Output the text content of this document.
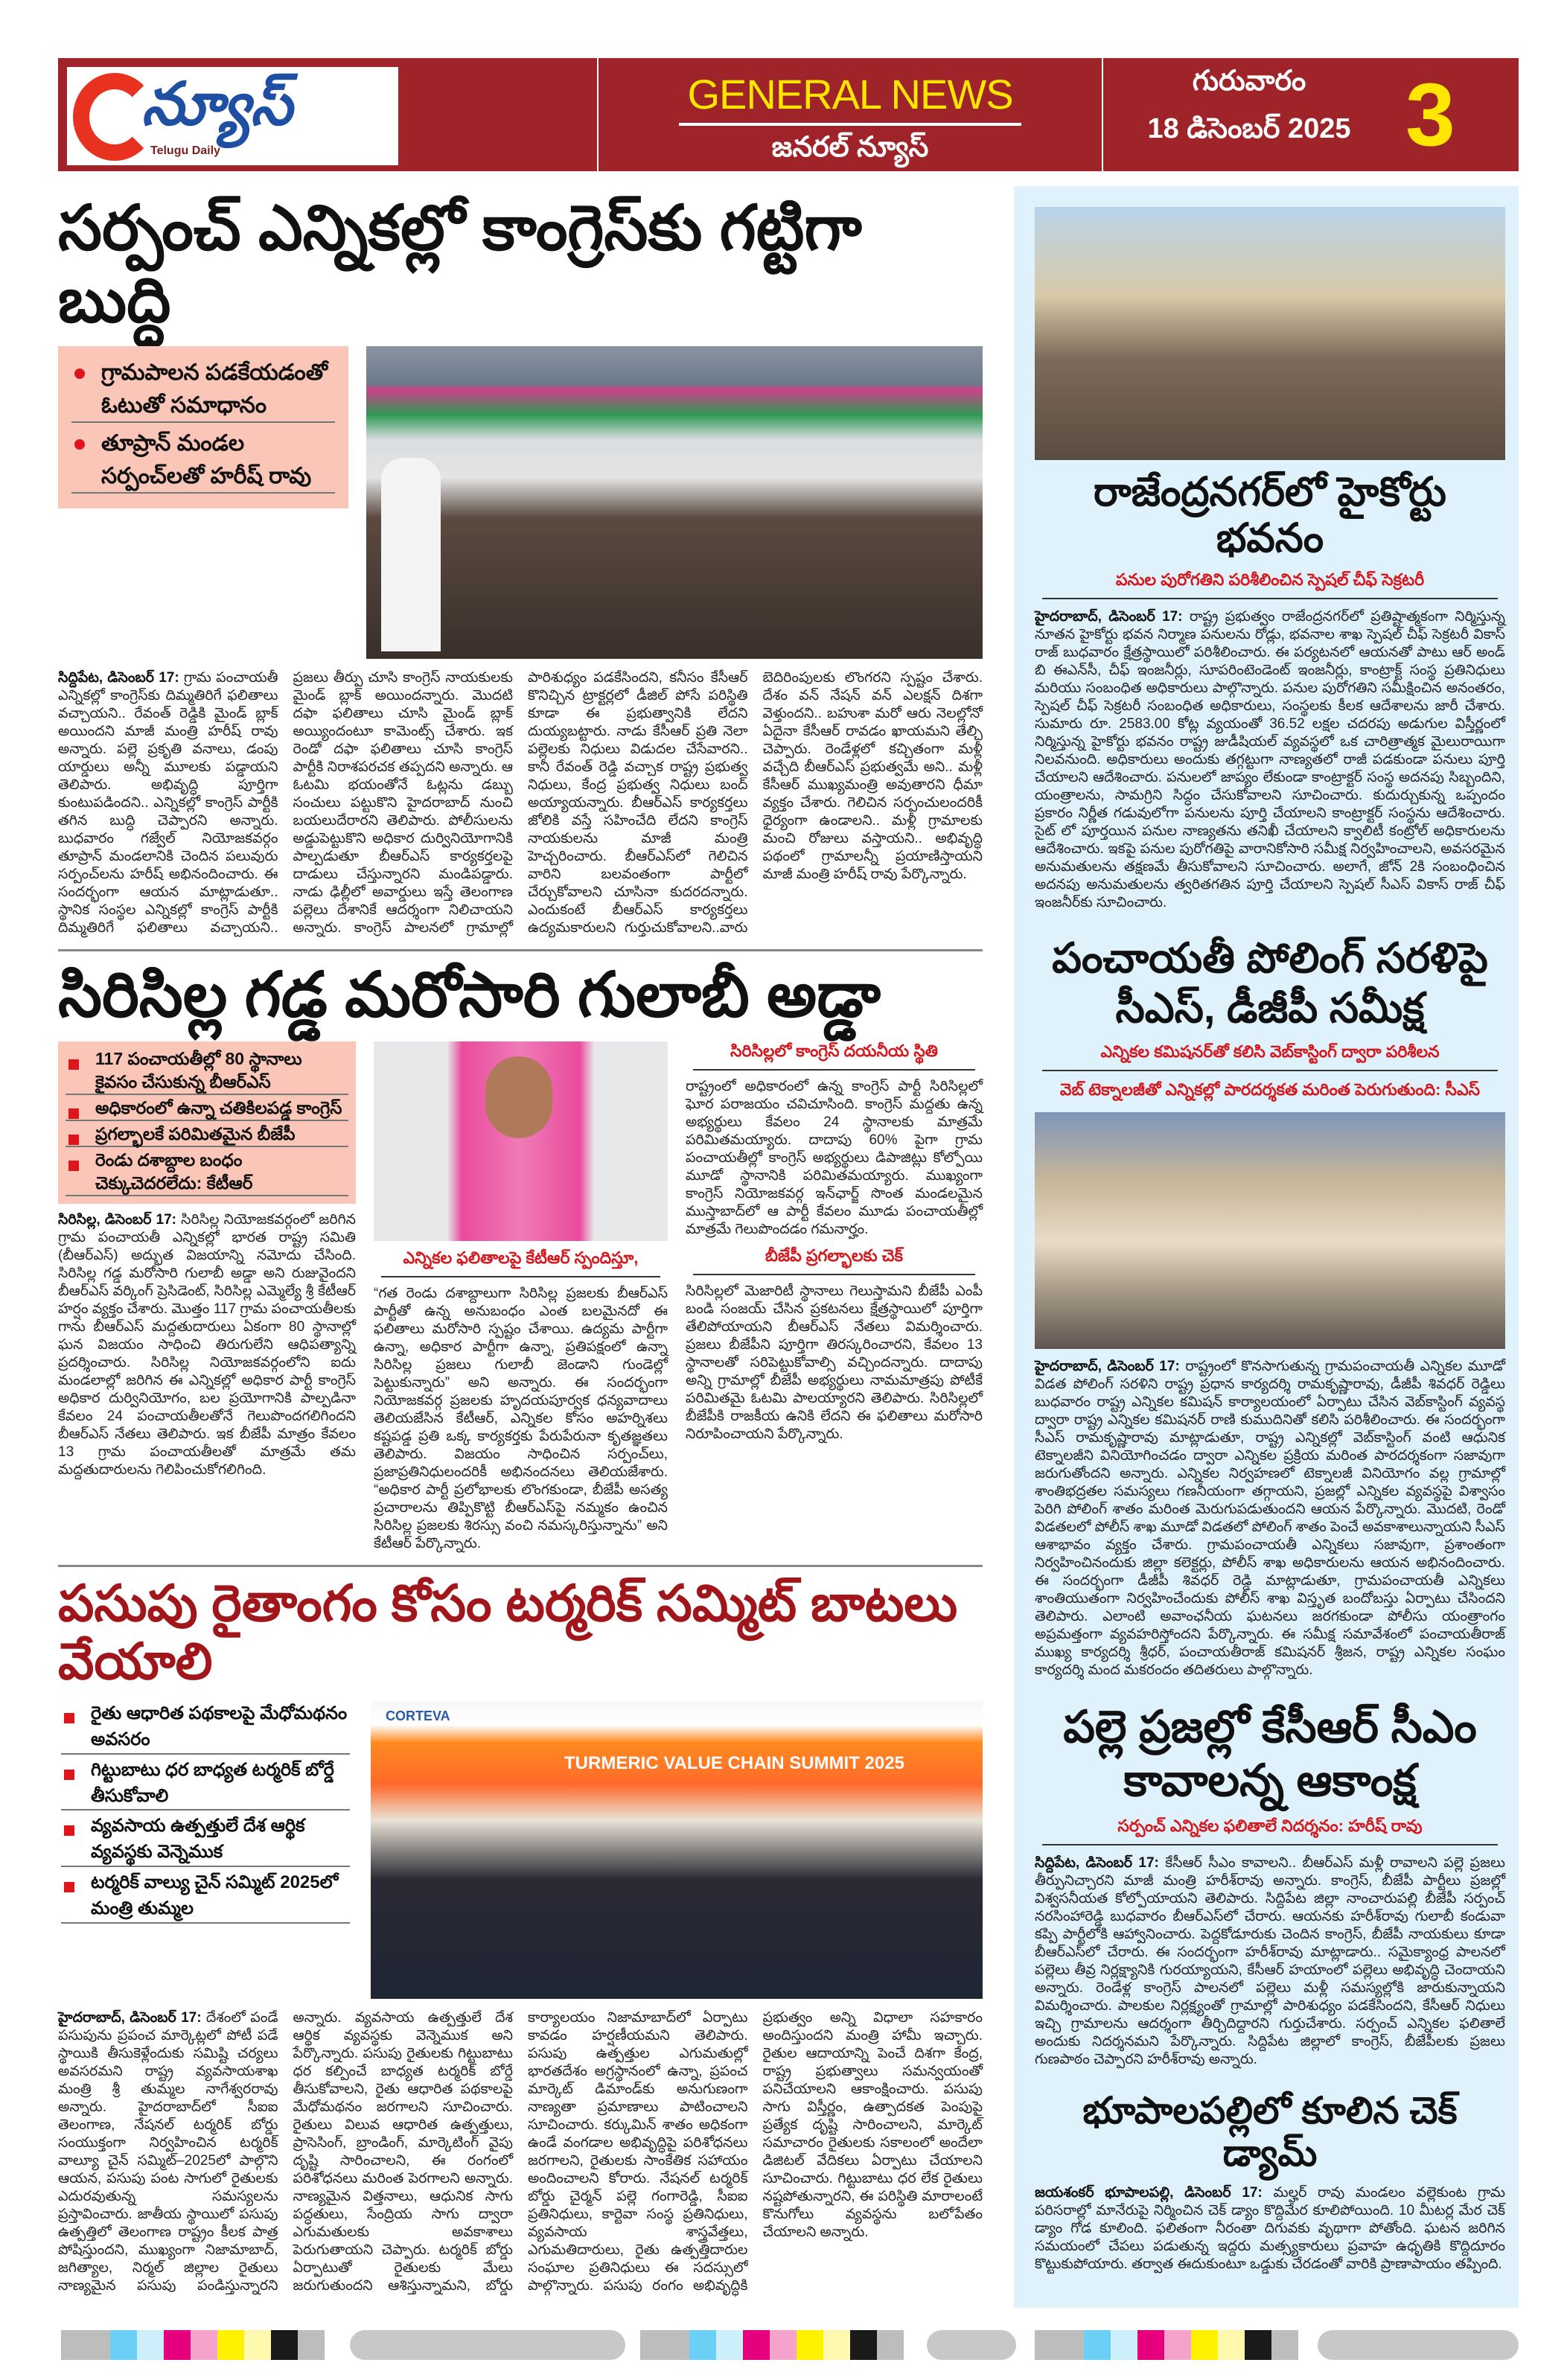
న్యూస్
Telugu Daily
GENERAL NEWS
జనరల్ న్యూస్
గురువారం
18 డిసెంబర్ 2025 3
సర్పంచ్ ఎన్నికల్లో కాంగ్రెస్‌కు గట్టిగా బుద్ధి
గ్రామపాలన పడకేయడంతో ఓటుతో సమాధానం
తూప్రాన్ మండల సర్పంచ్‌లతో హరీష్ రావు
సిద్దిపేట, డిసెంబర్ 17: గ్రామ పంచాయతీ ఎన్నికల్లో కాంగ్రెస్‌కు దిమ్మతిరిగే ఫలితాలు వచ్చాయని.. రేవంత్ రెడ్డికి మైండ్ బ్లాక్ అయిందని మాజీ మంత్రి హరీష్ రావు అన్నారు. పల్లె ప్రకృతి వనాలు, డంపు యార్డులు అన్నీ మూలకు పడ్డాయని తెలిపారు. అభివృద్ధి పూర్తిగా కుంటుపడిందని.. ఎన్నికల్లో కాంగ్రెస్ పార్టీకి తగిన బుద్ధి చెప్పారని అన్నారు. బుధవారం గజ్వేల్ నియోజకవర్గం తూప్రాన్ మండలానికి చెందిన పలువురు సర్పంచ్‌లను హరీష్ అభినందించారు. ఈ సందర్భంగా ఆయన మాట్లాడుతూ.. స్థానిక సంస్థల ఎన్నికల్లో కాంగ్రెస్ పార్టీకి దిమ్మతిరిగే ఫలితాలు వచ్చాయని.. ప్రజలు తీర్పు చూసి కాంగ్రెస్ నాయకులకు మైండ్ బ్లాక్ అయిందన్నారు. మొదటి దఫా ఫలితాలు చూసి మైండ్ బ్లాక్ అయ్యిందంటూ కామెంట్స్ చేశారు. ఇక రెండో దఫా ఫలితాలు చూసి కాంగ్రెస్ పార్టీకి నిరాశపరచక తప్పదని అన్నారు. ఆ ఓటమి భయంతోనే ఓట్లను డబ్బు సంచులు పట్టుకొని హైదరాబాద్ నుంచి బయలుదేరారని తెలిపారు. పోలీసులను అడ్డుపెట్టుకొని అధికార దుర్వినియోగానికి పాల్పడుతూ బీఆర్ఎస్ కార్యకర్తలపై దాడులు చేస్తున్నారని మండిపడ్డారు. నాడు ఢిల్లీలో అవార్డులు ఇస్తే తెలంగాణ పల్లెలు దేశానికే ఆదర్శంగా నిలిచాయని అన్నారు. కాంగ్రెస్ పాలనలో గ్రామాల్లో పారిశుధ్యం పడకేసిందని, కనీసం కేసీఆర్ కొనిచ్చిన ట్రాక్టర్లలో డీజిల్ పోసే పరిస్థితి కూడా ఈ ప్రభుత్వానికి లేదని దుయ్యబట్టారు. నాడు కేసీఆర్ ప్రతి నెలా పల్లెలకు నిధులు విడుదల చేసేవారని.. కానీ రేవంత్ రెడ్డి వచ్చాక రాష్ట్ర ప్రభుత్వ నిధులు, కేంద్ర ప్రభుత్వ నిధులు బంద్ అయ్యాయన్నారు. బీఆర్ఎస్ కార్యకర్తలు జోలికి వస్తే సహించేది లేదని కాంగ్రెస్ నాయకులను మాజీ మంత్రి హెచ్చరించారు. బీఆర్ఎస్‌లో గెలిచిన వారిని బలవంతంగా పార్టీలో చేర్చుకోవాలని చూసినా కుదరదన్నారు. ఎందుకంటే బీఆర్ఎస్ కార్యకర్తలు ఉద్యమకారులని గుర్తుచుకోవాలని..వారు బెదిరింపులకు లొంగరని స్పష్టం చేశారు. దేశం వన్ నేషన్ వన్ ఎలక్షన్ దిశగా వెళ్తుందని.. బహుశా మరో ఆరు నెలల్లోనో ఏదైనా కేసీఆర్ రావడం ఖాయమని తేల్చి చెప్పారు. రెండేళ్లలో కచ్చితంగా మళ్లీ వచ్చేది బీఆర్ఎస్ ప్రభుత్వమే అని.. మళ్లీ కేసీఆర్ ముఖ్యమంత్రి అవుతారని ధీమా వ్యక్తం చేశారు. గెలిచిన సర్పంచులందరికీ ధైర్యంగా ఉండాలని.. మళ్లీ గ్రామాలకు మంచి రోజులు వస్తాయని.. అభివృద్ధి పథంలో గ్రామాలన్నీ ప్రయాణిస్తాయని మాజీ మంత్రి హరీష్ రావు పేర్కొన్నారు.
సిరిసిల్ల గడ్డ మరోసారి గులాబీ అడ్డా
117 పంచాయతీల్లో 80 స్థానాలు కైవసం చేసుకున్న బీఆర్ఎస్
అధికారంలో ఉన్నా చతికిలపడ్డ కాంగ్రెస్
ప్రగల్భాలకే పరిమితమైన బీజేపీ
రెండు దశాబ్దాల బంధం చెక్కుచెదరలేదు: కేటీఆర్
సిరిసిల్ల, డిసెంబర్ 17: సిరిసిల్ల నియోజకవర్గంలో జరిగిన గ్రామ పంచాయతీ ఎన్నికల్లో భారత రాష్ట్ర సమితి (బీఆర్ఎస్) అద్భుత విజయాన్ని నమోదు చేసింది. సిరిసిల్ల గడ్డ మరోసారి గులాబీ అడ్డా అని రుజువైందని బీఆర్ఎస్ వర్కింగ్ ప్రెసిడెంట్, సిరిసిల్ల ఎమ్మెల్యే శ్రీ కేటీఆర్ హర్షం వ్యక్తం చేశారు. మొత్తం 117 గ్రామ పంచాయతీలకు గాను బీఆర్ఎస్ మద్దతుదారులు ఏకంగా 80 స్థానాల్లో ఘన విజయం సాధించి తిరుగులేని ఆధిపత్యాన్ని ప్రదర్శించారు. సిరిసిల్ల నియోజకవర్గంలోని ఐదు మండలాల్లో జరిగిన ఈ ఎన్నికల్లో అధికార పార్టీ కాంగ్రెస్ అధికార దుర్వినియోగం, బల ప్రయోగానికి పాల్పడినా కేవలం 24 పంచాయతీలతోనే గెలుపొందగలిగిందని బీఆర్ఎస్ నేతలు తెలిపారు. ఇక బీజేపీ మాత్రం కేవలం 13 గ్రామ పంచాయతీలతో మాత్రమే తమ మద్దతుదారులను గెలిపించుకోగలిగింది.
ఎన్నికల ఫలితాలపై కేటీఆర్ స్పందిస్తూ,
“గత రెండు దశాబ్దాలుగా సిరిసిల్ల ప్రజలకు బీఆర్ఎస్ పార్టీతో ఉన్న అనుబంధం ఎంత బలమైనదో ఈ ఫలితాలు మరోసారి స్పష్టం చేశాయి. ఉద్యమ పార్టీగా ఉన్నా, అధికార పార్టీగా ఉన్నా, ప్రతిపక్షంలో ఉన్నా సిరిసిల్ల ప్రజలు గులాబీ జెండాని గుండెల్లో పెట్టుకున్నారు” అని అన్నారు. ఈ సందర్భంగా నియోజకవర్గ ప్రజలకు హృదయపూర్వక ధన్యవాదాలు తెలియజేసిన కేటీఆర్, ఎన్నికల కోసం అహర్నిశలు కష్టపడ్డ ప్రతి ఒక్క కార్యకర్తకు పేరుపేరునా కృతజ్ఞతలు తెలిపారు. విజయం సాధించిన సర్పంచ్‌లు, ప్రజాప్రతినిధులందరికీ అభినందనలు తెలియజేశారు. “అధికార పార్టీ ప్రలోభాలకు లొంగకుండా, బీజేపీ అసత్య ప్రచారాలను తిప్పికొట్టి బీఆర్ఎస్‌పై నమ్మకం ఉంచిన సిరిసిల్ల ప్రజలకు శిరస్సు వంచి నమస్కరిస్తున్నాను” అని కేటీఆర్ పేర్కొన్నారు.
సిరిసిల్లలో కాంగ్రెస్ దయనీయ స్థితి
రాష్ట్రంలో అధికారంలో ఉన్న కాంగ్రెస్ పార్టీ సిరిసిల్లలో ఘోర పరాజయం చవిచూసింది. కాంగ్రెస్ మద్దతు ఉన్న అభ్యర్థులు కేవలం 24 స్థానాలకు మాత్రమే పరిమితమయ్యారు. దాదాపు 60% పైగా గ్రామ పంచాయతీల్లో కాంగ్రెస్ అభ్యర్థులు డిపాజిట్లు కోల్పోయి మూడో స్థానానికి పరిమితమయ్యారు. ముఖ్యంగా కాంగ్రెస్ నియోజకవర్గ ఇన్‌ఛార్జ్ సొంత మండలమైన ముస్తాబాద్‌లో ఆ పార్టీ కేవలం మూడు పంచాయతీల్లో మాత్రమే గెలుపొందడం గమనార్హం.
బీజేపీ ప్రగల్భాలకు చెక్
సిరిసిల్లలో మెజారిటీ స్థానాలు గెలుస్తామని బీజేపీ ఎంపీ బండి సంజయ్ చేసిన ప్రకటనలు క్షేత్రస్థాయిలో పూర్తిగా తేలిపోయాయని బీఆర్ఎస్ నేతలు విమర్శించారు. ప్రజలు బీజేపీని పూర్తిగా తిరస్కరించారని, కేవలం 13 స్థానాలతో సరిపెట్టుకోవాల్సి వచ్చిందన్నారు. దాదాపు అన్ని గ్రామాల్లో బీజేపీ అభ్యర్థులు నామమాత్రపు పోటీకే పరిమితమై ఓటమి పాలయ్యారని తెలిపారు. సిరిసిల్లలో బీజేపీకి రాజకీయ ఉనికి లేదని ఈ ఫలితాలు మరోసారి నిరూపించాయని పేర్కొన్నారు.
పసుపు రైతాంగం కోసం టర్మరిక్ సమ్మిట్ బాటలు వేయాలి
రైతు ఆధారిత పథకాలపై మేధోమథనం అవసరం
గిట్టుబాటు ధర బాధ్యత టర్మరిక్ బోర్డే తీసుకోవాలి
వ్యవసాయ ఉత్పత్తులే దేశ ఆర్థిక వ్యవస్థకు వెన్నెముక
టర్మరిక్ వాల్యు చైన్ సమ్మిట్ 2025లో మంత్రి తుమ్మల
CORTEVA
TURMERIC VALUE CHAIN SUMMIT 2025
హైదరాబాద్, డిసెంబర్ 17: దేశంలో పండే పసుపును ప్రపంచ మార్కెట్లలో పోటీ పడే స్థాయికి తీసుకెళ్లేందుకు సమిష్టి చర్యలు అవసరమని రాష్ట్ర వ్యవసాయశాఖ మంత్రి శ్రీ తుమ్మల నాగేశ్వరరావు అన్నారు. హైదరాబాద్‌లో సీఐఐ తెలంగాణ, నేషనల్ టర్మరిక్ బోర్డు సంయుక్తంగా నిర్వహించిన టర్మరిక్ వాల్యూ చైన్ సమ్మిట్–2025లో పాల్గొని ఆయన, పసుపు పంట సాగులో రైతులకు ఎదురవుతున్న సమస్యలను ప్రస్తావించారు. జాతీయ స్థాయిలో పసుపు ఉత్పత్తిలో తెలంగాణ రాష్ట్రం కీలక పాత్ర పోషిస్తుందని, ముఖ్యంగా నిజామాబాద్, జగిత్యాల, నిర్మల్ జిల్లాల రైతులు నాణ్యమైన పసుపు పండిస్తున్నారని అన్నారు. వ్యవసాయ ఉత్పత్తులే దేశ ఆర్థిక వ్యవస్థకు వెన్నెముక అని పేర్కొన్నారు. పసుపు రైతులకు గిట్టుబాటు ధర కల్పించే బాధ్యత టర్మరిక్ బోర్డే తీసుకోవాలని, రైతు ఆధారిత పథకాలపై మేధోమథనం జరగాలని సూచించారు. రైతులు విలువ ఆధారిత ఉత్పత్తులు, ప్రాసెసింగ్, బ్రాండింగ్, మార్కెటింగ్ వైపు దృష్టి సారించాలని, ఈ రంగంలో పరిశోధనలు మరింత పెరగాలని అన్నారు. నాణ్యమైన విత్తనాలు, ఆధునిక సాగు పద్ధతులు, సేంద్రియ సాగు ద్వారా ఎగుమతులకు అవకాశాలు పెరుగుతాయని చెప్పారు. టర్మరిక్ బోర్డు ఏర్పాటుతో రైతులకు మేలు జరుగుతుందని ఆశిస్తున్నామని, బోర్డు కార్యాలయం నిజామాబాద్‌లో ఏర్పాటు కావడం హర్షణీయమని తెలిపారు. పసుపు ఉత్పత్తుల ఎగుమతుల్లో భారతదేశం అగ్రస్థానంలో ఉన్నా, ప్రపంచ మార్కెట్ డిమాండ్‌కు అనుగుణంగా నాణ్యతా ప్రమాణాలు పాటించాలని సూచించారు. కర్కుమిన్ శాతం అధికంగా ఉండే వంగడాల అభివృద్ధిపై పరిశోధనలు జరగాలని, రైతులకు సాంకేతిక సహాయం అందించాలని కోరారు. నేషనల్ టర్మరిక్ బోర్డు చైర్మన్ పల్లె గంగారెడ్డి, సీఐఐ ప్రతినిధులు, కార్టెవా సంస్థ ప్రతినిధులు, వ్యవసాయ శాస్త్రవేత్తలు, ఎగుమతిదారులు, రైతు ఉత్పత్తిదారుల సంఘాల ప్రతినిధులు ఈ సదస్సులో పాల్గొన్నారు. పసుపు రంగం అభివృద్ధికి ప్రభుత్వం అన్ని విధాలా సహకారం అందిస్తుందని మంత్రి హామీ ఇచ్చారు. రైతుల ఆదాయాన్ని పెంచే దిశగా కేంద్ర, రాష్ట్ర ప్రభుత్వాలు సమన్వయంతో పనిచేయాలని ఆకాంక్షించారు. పసుపు సాగు విస్తీర్ణం, ఉత్పాదకత పెంపుపై ప్రత్యేక దృష్టి సారించాలని, మార్కెట్ సమాచారం రైతులకు సకాలంలో అందేలా డిజిటల్ వేదికలు ఏర్పాటు చేయాలని సూచించారు. గిట్టుబాటు ధర లేక రైతులు నష్టపోతున్నారని, ఈ పరిస్థితి మారాలంటే కొనుగోలు వ్యవస్థను బలోపేతం చేయాలని అన్నారు.
రాజేంద్రనగర్‌లో హైకోర్టు భవనం
పనుల పురోగతిని పరిశీలించిన స్పెషల్ చీఫ్ సెక్రటరీ
హైదరాబాద్, డిసెంబర్ 17: రాష్ట్ర ప్రభుత్వం రాజేంద్రనగర్‌లో ప్రతిష్టాత్మకంగా నిర్మిస్తున్న నూతన హైకోర్టు భవన నిర్మాణ పనులను రోడ్లు, భవనాల శాఖ స్పెషల్ చీఫ్ సెక్రటరీ వికాస్ రాజ్ బుధవారం క్షేత్రస్థాయిలో పరిశీలించారు. ఈ పర్యటనలో ఆయనతో పాటు ఆర్ అండ్ బి ఈఎన్‌సీ, చీఫ్ ఇంజనీర్లు, సూపరింటెండెంట్ ఇంజనీర్లు, కాంట్రాక్ట్ సంస్థ ప్రతినిధులు మరియు సంబంధిత అధికారులు పాల్గొన్నారు. పనుల పురోగతిని సమీక్షించిన అనంతరం, స్పెషల్ చీఫ్ సెక్రటరీ సంబంధిత అధికారులు, సంస్థలకు కీలక ఆదేశాలను జారీ చేశారు. సుమారు రూ. 2583.00 కోట్ల వ్యయంతో 36.52 లక్షల చదరపు అడుగుల విస్తీర్ణంలో నిర్మిస్తున్న హైకోర్టు భవనం రాష్ట్ర జుడీషియల్ వ్యవస్థలో ఒక చారిత్రాత్మక మైలురాయిగా నిలవనుంది. అధికారులు అందుకు తగ్గట్టుగా నాణ్యతలో రాజీ పడకుండా పనులు పూర్తి చేయాలని ఆదేశించారు. పనులలో జాప్యం లేకుండా కాంట్రాక్టర్ సంస్థ అదనపు సిబ్బందిని, యంత్రాలను, సామగ్రిని సిద్ధం చేసుకోవాలని సూచించారు. కుదుర్చుకున్న ఒప్పందం ప్రకారం నిర్ణీత గడువులోగా పనులను పూర్తి చేయాలని కాంట్రాక్టర్ సంస్థను ఆదేశించారు. సైట్ లో పూర్తయిన పనుల నాణ్యతను తనిఖీ చేయాలని క్వాలిటీ కంట్రోల్ అధికారులను ఆదేశించారు. ఇకపై పనుల పురోగతిపై వారానికోసారి సమీక్ష నిర్వహించాలని, అవసరమైన అనుమతులను తక్షణమే తీసుకోవాలని సూచించారు. అలాగే, జోన్ 2కి సంబంధించిన అదనపు అనుమతులను త్వరితగతిన పూర్తి చేయాలని స్పెషల్ సీఎస్ వికాస్ రాజ్ చీఫ్ ఇంజనీర్‌కు సూచించారు.
పంచాయతీ పోలింగ్ సరళిపై సీఎస్, డీజీపీ సమీక్ష
ఎన్నికల కమిషనర్‌తో కలిసి వెబ్‌కాస్టింగ్ ద్వారా పరిశీలన
వెబ్ టెక్నాలజీతో ఎన్నికల్లో పారదర్శకత మరింత పెరుగుతుంది: సీఎస్
హైదరాబాద్, డిసెంబర్ 17: రాష్ట్రంలో కొనసాగుతున్న గ్రామపంచాయతీ ఎన్నికల మూడో విడత పోలింగ్ సరళిని రాష్ట్ర ప్రధాన కార్యదర్శి రామకృష్ణారావు, డీజీపీ శివధర్ రెడ్డిలు బుధవారం రాష్ట్ర ఎన్నికల కమిషన్ కార్యాలయంలో ఏర్పాటు చేసిన వెబ్‌కాస్టింగ్ వ్యవస్థ ద్వారా రాష్ట్ర ఎన్నికల కమిషనర్ రాణి కుముదినితో కలిసి పరిశీలించారు. ఈ సందర్భంగా సీఎస్ రామకృష్ణారావు మాట్లాడుతూ, రాష్ట్ర ఎన్నికల్లో వెబ్‌కాస్టింగ్ వంటి ఆధునిక టెక్నాలజీని వినియోగించడం ద్వారా ఎన్నికల ప్రక్రియ మరింత పారదర్శకంగా సజావుగా జరుగుతోందని అన్నారు. ఎన్నికల నిర్వహణలో టెక్నాలజీ వినియోగం వల్ల గ్రామాల్లో శాంతిభద్రతల సమస్యలు గణనీయంగా తగ్గాయని, ప్రజల్లో ఎన్నికల వ్యవస్థపై విశ్వాసం పెరిగి పోలింగ్ శాతం మరింత మెరుగుపడుతుందని ఆయన పేర్కొన్నారు. మొదటి, రెండో విడతలలో పోలీస్ శాఖ మూడో విడతలో పోలింగ్ శాతం పెంచే అవకాశాలున్నాయని సీఎస్ ఆశాభావం వ్యక్తం చేశారు. గ్రామపంచాయతీ ఎన్నికలు సజావుగా, ప్రశాంతంగా నిర్వహించినందుకు జిల్లా కలెక్టర్లు, పోలీస్ శాఖ అధికారులను ఆయన అభినందించారు. ఈ సందర్భంగా డీజీపీ శివధర్ రెడ్డి మాట్లాడుతూ, గ్రామపంచాయతీ ఎన్నికలు శాంతియుతంగా నిర్వహించేందుకు పోలీస్ శాఖ విస్తృత బందోబస్తు ఏర్పాటు చేసిందని తెలిపారు. ఎలాంటి అవాంఛనీయ ఘటనలు జరగకుండా పోలీసు యంత్రాంగం అప్రమత్తంగా వ్యవహరిస్తోందని పేర్కొన్నారు. ఈ సమీక్ష సమావేశంలో పంచాయతీరాజ్ ముఖ్య కార్యదర్శి శ్రీధర్, పంచాయతీరాజ్ కమిషనర్ శ్రీజన, రాష్ట్ర ఎన్నికల సంఘం కార్యదర్శి మంద మకరందం తదితరులు పాల్గొన్నారు.
పల్లె ప్రజల్లో కేసీఆర్ సీఎం కావాలన్న ఆకాంక్ష
సర్పంచ్ ఎన్నికల ఫలితాలే నిదర్శనం: హరీష్ రావు
సిద్దిపేట, డిసెంబర్ 17: కేసీఆర్ సీఎం కావాలని.. బీఆర్ఎస్ మళ్లీ రావాలని పల్లె ప్రజలు తీర్పునిచ్చారని మాజీ మంత్రి హరీశ్‌రావు అన్నారు. కాంగ్రెస్, బీజేపీ పార్టీలు ప్రజల్లో విశ్వసనీయత కోల్పోయాయని తెలిపారు. సిద్దిపేట జిల్లా నాంచారుపల్లి బీజేపీ సర్పంచ్ నరసింహారెడ్డి బుధవారం బీఆర్ఎస్‌లో చేరారు. ఆయనకు హరీశ్‌రావు గులాబీ కండువా కప్పి పార్టీలోకి ఆహ్వానించారు. పెద్దకోడూరుకు చెందిన కాంగ్రెస్, బీజేపీ నాయకులు కూడా బీఆర్ఎస్‌లో చేరారు. ఈ సందర్భంగా హరీశ్‌రావు మాట్లాడారు.. సమైక్యాంధ్ర పాలనలో పల్లెలు తీవ్ర నిర్లక్ష్యానికి గురయ్యాయని, కేసీఆర్ హయాంలో పల్లెలు అభివృద్ధి చెందాయని అన్నారు. రెండేళ్ల కాంగ్రెస్ పాలనలో పల్లెలు మళ్లీ సమస్యల్లోకి జారుకున్నాయని విమర్శించారు. పాలకుల నిర్లక్ష్యంతో గ్రామాల్లో పారిశుధ్యం పడకేసిందని, కేసీఆర్ నిధులు ఇచ్చి గ్రామాలను ఆదర్శంగా తీర్చిదిద్దారని గుర్తుచేశారు. సర్పంచ్ ఎన్నికల ఫలితాలే అందుకు నిదర్శనమని పేర్కొన్నారు. సిద్దిపేట జిల్లాలో కాంగ్రెస్, బీజేపీలకు ప్రజలు గుణపాఠం చెప్పారని హరీశ్‌రావు అన్నారు.
భూపాలపల్లిలో కూలిన చెక్ డ్యామ్
జయశంకర్ భూపాలపల్లి, డిసెంబర్ 17: మల్హర్ రావు మండలం వల్లెకుంట గ్రామ పరిసరాల్లో మానేరుపై నిర్మించిన చెక్ డ్యాం కొద్దిమేర కూలిపోయింది. 10 మీటర్ల మేర చెక్ డ్యాం గోడ కూలింది. ఫలితంగా నీరంతా దిగువకు వృథాగా పోతోంది. ఘటన జరిగిన సమయంలో చేపలు పడుతున్న ఇద్దరు మత్స్యకారులు ప్రవాహ ఉధృతికి కొద్దిదూరం కొట్టుకుపోయారు. తర్వాత ఈదుకుంటూ ఒడ్డుకు చేరడంతో వారికి ప్రాణాపాయం తప్పింది.
